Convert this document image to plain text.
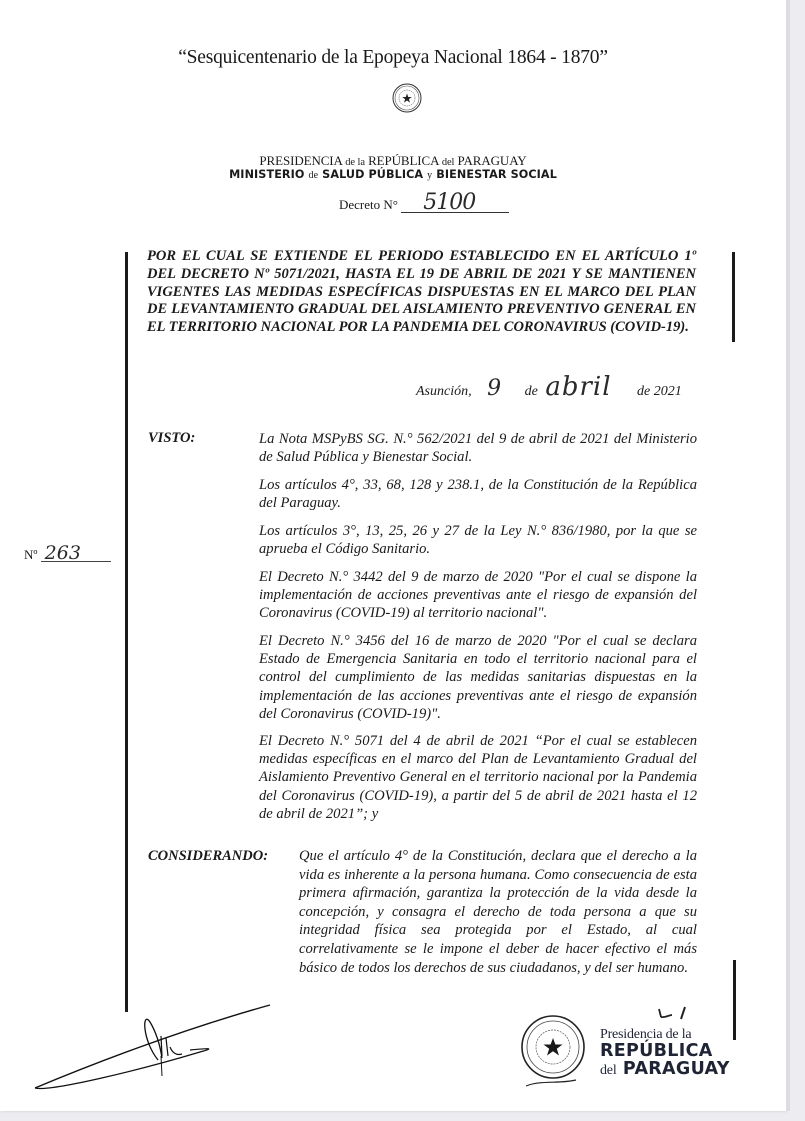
“Sesquicentenario de la Epopeya Nacional 1864 - 1870”
PRESIDENCIA de la REPÚBLICA del PARAGUAY
MINISTERIO de SALUD PÚBLICA y BIENESTAR SOCIAL
Decreto N° 5100
POR EL CUAL SE EXTIENDE EL PERIODO ESTABLECIDO EN EL ARTÍCULO 1º DEL DECRETO Nº 5071/2021, HASTA EL 19 DE ABRIL DE 2021 Y SE MANTIENEN VIGENTES LAS MEDIDAS ESPECÍFICAS DISPUESTAS EN EL MARCO DEL PLAN DE LEVANTAMIENTO GRADUAL DEL AISLAMIENTO PREVENTIVO GENERAL EN EL TERRITORIO NACIONAL POR LA PANDEMIA DEL CORONAVIRUS (COVID-19).
Asunción, 9 de abril de 2021
VISTO:	La Nota MSPyBS SG. N.° 562/2021 del 9 de abril de 2021 del Ministerio de Salud Pública y Bienestar Social.
Los artículos 4°, 33, 68, 128 y 238.1, de la Constitución de la República del Paraguay.
Los artículos 3°, 13, 25, 26 y 27 de la Ley N.° 836/1980, por la que se aprueba el Código Sanitario.
El Decreto N.° 3442 del 9 de marzo de 2020 "Por el cual se dispone la implementación de acciones preventivas ante el riesgo de expansión del Coronavirus (COVID-19) al territorio nacional".
El Decreto N.° 3456 del 16 de marzo de 2020 "Por el cual se declara Estado de Emergencia Sanitaria en todo el territorio nacional para el control del cumplimiento de las medidas sanitarias dispuestas en la implementación de las acciones preventivas ante el riesgo de expansión del Coronavirus (COVID-19)".
El Decreto N.° 5071 del 4 de abril de 2021 “Por el cual se establecen medidas específicas en el marco del Plan de Levantamiento Gradual del Aislamiento Preventivo General en el territorio nacional por la Pandemia del Coronavirus (COVID-19), a partir del 5 de abril de 2021 hasta el 12 de abril de 2021”; y
Nº 263
CONSIDERANDO: Que el artículo 4° de la Constitución, declara que el derecho a la vida es inherente a la persona humana. Como consecuencia de esta primera afirmación, garantiza la protección de la vida desde la concepción, y consagra el derecho de toda persona a que su integridad física sea protegida por el Estado, al cual correlativamente se le impone el deber de hacer efectivo el más básico de todos los derechos de sus ciudadanos, y del ser humano.
Presidencia de la
REPÚBLICA
del PARAGUAY
